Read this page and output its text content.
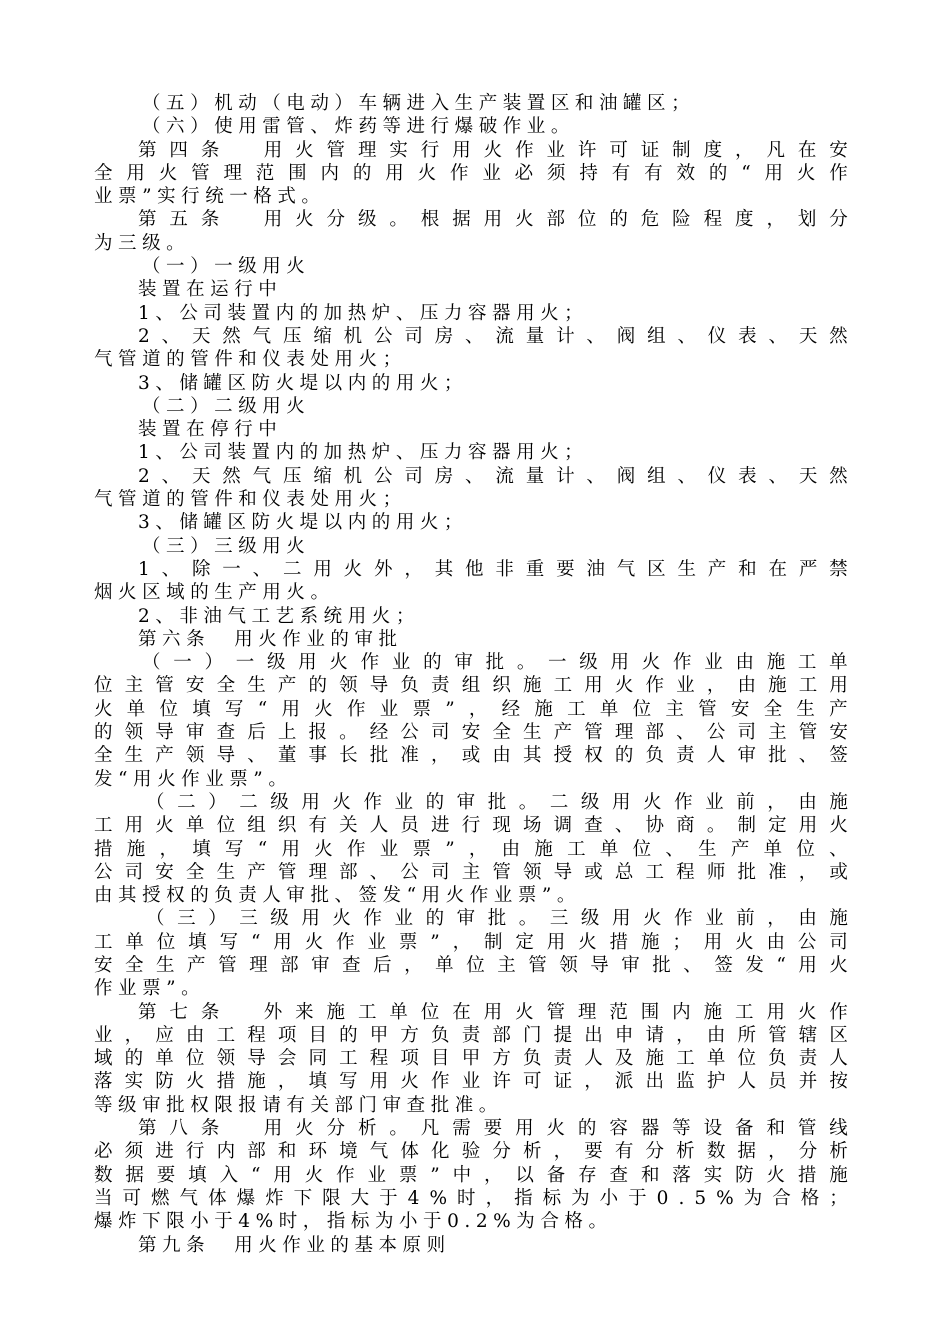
（五）机动（电动）车辆进入生产装置区和油罐区；
（六）使用雷管、炸药等进行爆破作业。
第 四 条
　 用 火 管 理 实 行 用 火 作 业 许 可 证 制 度 ， 凡 在 安
全 用 火 管 理 范 围 内 的 用 火 作 业 必 须 持 有 有 效 的 “ 用 火 作
业票”实行统一格式。
第 五 条
　 用 火 分 级 。 根 据 用 火 部 位 的 危 险 程 度 ， 划 分
为三级。
（一）一级用火
装置在运行中
1、公司装置内的加热炉、压力容器用火；
2 、 天 然 气 压 缩 机 公 司 房 、 流 量 计 、 阀 组 、 仪 表 、 天 然
气管道的管件和仪表处用火；
3、储罐区防火堤以内的用火；
（二）二级用火
装置在停行中
1、公司装置内的加热炉、压力容器用火；
2 、 天 然 气 压 缩 机 公 司 房 、 流 量 计 、 阀 组 、 仪 表 、 天 然
气管道的管件和仪表处用火；
3、储罐区防火堤以内的用火；
（三）三级用火
1 、 除 一 、 二 用 火 外 ， 其 他 非 重 要 油 气 区 生 产 和 在 严 禁
烟火区域的生产用火。
2、非油气工艺系统用火；
第六条　用火作业的审批
（ 一 ） 一 级 用 火 作 业 的 审 批 。 一 级 用 火 作 业 由 施 工 单
位 主 管 安 全 生 产 的 领 导 负 责 组 织 施 工 用 火 作 业 ， 由 施 工 用
火 单 位 填 写 “ 用 火 作 业 票 ” ， 经 施 工 单 位 主 管 安 全 生 产
的 领 导 审 查 后 上 报 。 经 公 司 安 全 生 产 管 理 部 、 公 司 主 管 安
全 生 产 领 导 、 董 事 长 批 准 ， 或 由 其 授 权 的 负 责 人 审 批 、 签
发“用火作业票”。
（ 二 ） 二 级 用 火 作 业 的 审 批 。 二 级 用 火 作 业 前 ， 由 施
工 用 火 单 位 组 织 有 关 人 员 进 行 现 场 调 查 、 协 商 。 制 定 用 火
措 施 ， 填 写 “ 用 火 作 业 票 ” ， 由 施 工 单 位 、 生 产 单 位 、
公 司 安 全 生 产 管 理 部 、 公 司 主 管 领 导 或 总 工 程 师 批 准 ， 或
由其授权的负责人审批、签发“用火作业票”。
（ 三 ） 三 级 用 火 作 业 的 审 批 。 三 级 用 火 作 业 前 ， 由 施
工 单 位 填 写 “ 用 火 作 业 票 ” ， 制 定 用 火 措 施 ； 用 火 由 公 司
安 全 生 产 管 理 部 审 查 后 ， 单 位 主 管 领 导 审 批 、 签 发 “ 用 火
作业票”。
第 七 条
　 外 来 施 工 单 位 在 用 火 管 理 范 围 内 施 工 用 火 作
业 ， 应 由 工 程 项 目 的 甲 方 负 责 部 门 提 出 申 请 ， 由 所 管 辖 区
域 的 单 位 领 导 会 同 工 程 项 目 甲 方 负 责 人 及 施 工 单 位 负 责 人
落 实 防 火 措 施 ， 填 写 用 火 作 业 许 可 证 ， 派 出 监 护 人 员 并 按
等级审批权限报请有关部门审查批准。
第 八 条
　 用 火 分 析 。 凡 需 要 用 火 的 容 器 等 设 备 和 管 线
必 须 进 行 内 部 和 环 境 气 体 化 验 分 析 ， 要 有 分 析 数 据 ， 分 析
数 据 要 填 入 “ 用 火 作 业 票 ” 中 ， 以 备 存 查 和 落 实 防 火 措 施
当 可 燃 气 体 爆 炸 下 限 大 于 4 % 时 ， 指 标 为 小 于 0 . 5 % 为 合 格 ；
爆炸下限小于4%时，指标为小于0.2%为合格。
第九条　用火作业的基本原则
